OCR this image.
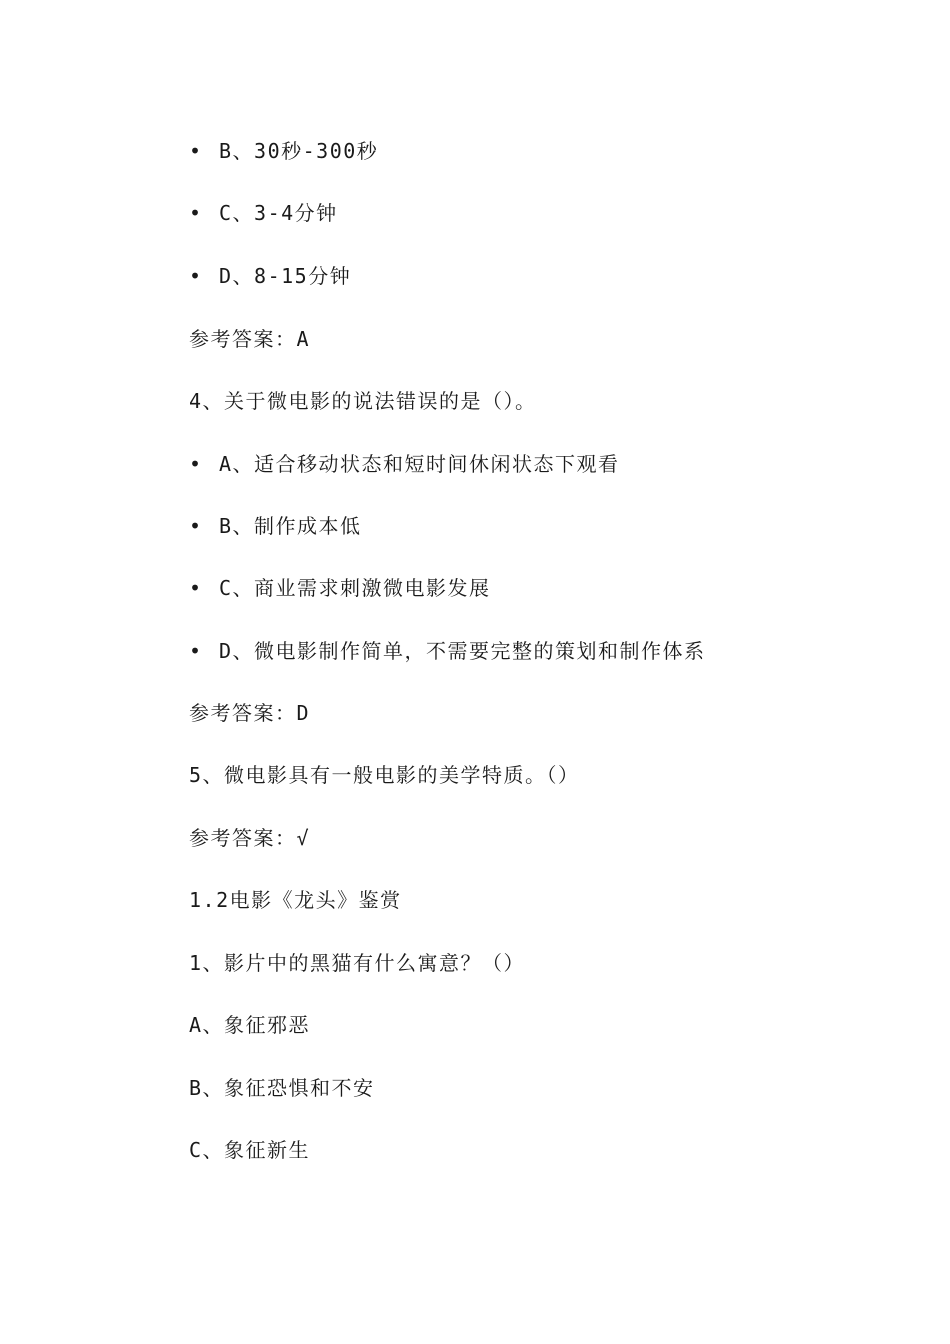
• B、30秒-300秒
• C、3-4分钟
• D、8-15分钟
参考答案：A
4、关于微电影的说法错误的是（）。
• A、适合移动状态和短时间休闲状态下观看
• B、制作成本低
• C、商业需求刺激微电影发展
• D、微电影制作简单，不需要完整的策划和制作体系
参考答案：D
5、微电影具有一般电影的美学特质。（）
参考答案：√
1.2电影《龙头》鉴赏
1、影片中的黑猫有什么寓意？（）
A、象征邪恶
B、象征恐惧和不安
C、象征新生
